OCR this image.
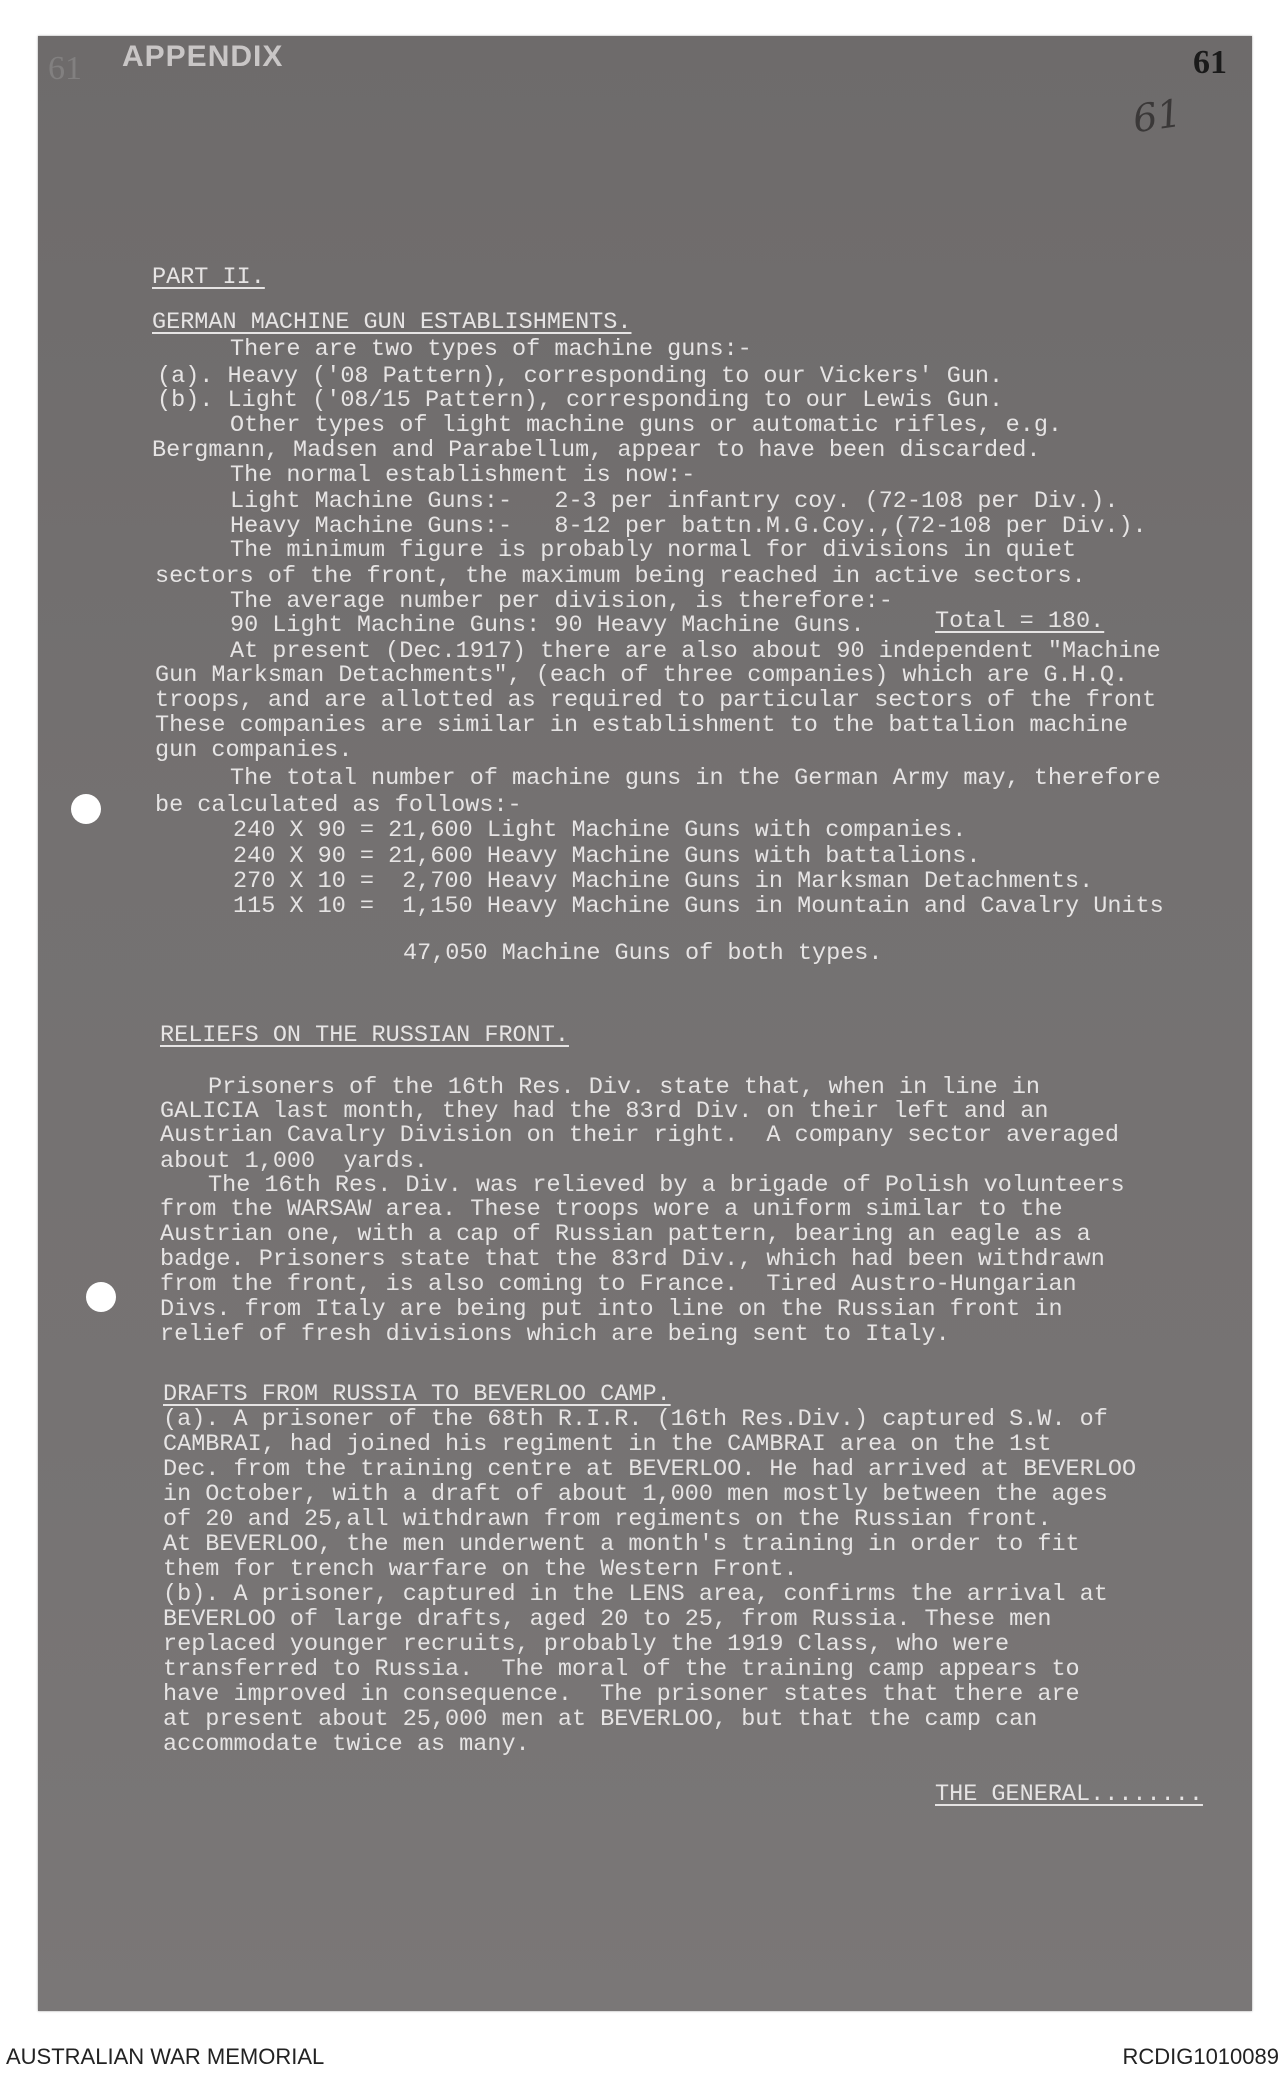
61 APPENDIX	61
61
PART II.
GERMAN MACHINE GUN ESTABLISHMENTS.
There are two types of machine guns:-
(a). Heavy ('08 Pattern), corresponding to our Vickers' Gun.
(b). Light ('08/15 Pattern), corresponding to our Lewis Gun.
Other types of light machine guns or automatic rifles, e.g.
Bergmann, Madsen and Parabellum, appear to have been discarded.
The normal establishment is now:-
Light Machine Guns:-   2-3 per infantry coy. (72-108 per Div.).
Heavy Machine Guns:-   8-12 per battn.M.G.Coy.,(72-108 per Div.).
The minimum figure is probably normal for divisions in quiet
sectors of the front, the maximum being reached in active sectors.
The average number per division, is therefore:-
90 Light Machine Guns: 90 Heavy Machine Guns.	Total = 180.
At present (Dec.1917) there are also about 90 independent "Machine
Gun Marksman Detachments", (each of three companies) which are G.H.Q.
troops, and are allotted as required to particular sectors of the front
These companies are similar in establishment to the battalion machine
gun companies.
The total number of machine guns in the German Army may, therefore
be calculated as follows:-
240 X 90 = 21,600 Light Machine Guns with companies.
240 X 90 = 21,600 Heavy Machine Guns with battalions.
270 X 10 =  2,700 Heavy Machine Guns in Marksman Detachments.
115 X 10 =  1,150 Heavy Machine Guns in Mountain and Cavalry Units
47,050 Machine Guns of both types.
RELIEFS ON THE RUSSIAN FRONT.
Prisoners of the 16th Res. Div. state that, when in line in
GALICIA last month, they had the 83rd Div. on their left and an
Austrian Cavalry Division on their right.  A company sector averaged
about 1,000  yards.
The 16th Res. Div. was relieved by a brigade of Polish volunteers
from the WARSAW area. These troops wore a uniform similar to the
Austrian one, with a cap of Russian pattern, bearing an eagle as a
badge. Prisoners state that the 83rd Div., which had been withdrawn
from the front, is also coming to France.  Tired Austro-Hungarian
Divs. from Italy are being put into line on the Russian front in
relief of fresh divisions which are being sent to Italy.
DRAFTS FROM RUSSIA TO BEVERLOO CAMP.
(a). A prisoner of the 68th R.I.R. (16th Res.Div.) captured S.W. of
CAMBRAI, had joined his regiment in the CAMBRAI area on the 1st
Dec. from the training centre at BEVERLOO. He had arrived at BEVERLOO
in October, with a draft of about 1,000 men mostly between the ages
of 20 and 25,all withdrawn from regiments on the Russian front.
At BEVERLOO, the men underwent a month's training in order to fit
them for trench warfare on the Western Front.
(b). A prisoner, captured in the LENS area, confirms the arrival at
BEVERLOO of large drafts, aged 20 to 25, from Russia. These men
replaced younger recruits, probably the 1919 Class, who were
transferred to Russia.  The moral of the training camp appears to
have improved in consequence.  The prisoner states that there are
at present about 25,000 men at BEVERLOO, but that the camp can
accommodate twice as many.
THE GENERAL........
AUSTRALIAN WAR MEMORIAL	RCDIG1010089
